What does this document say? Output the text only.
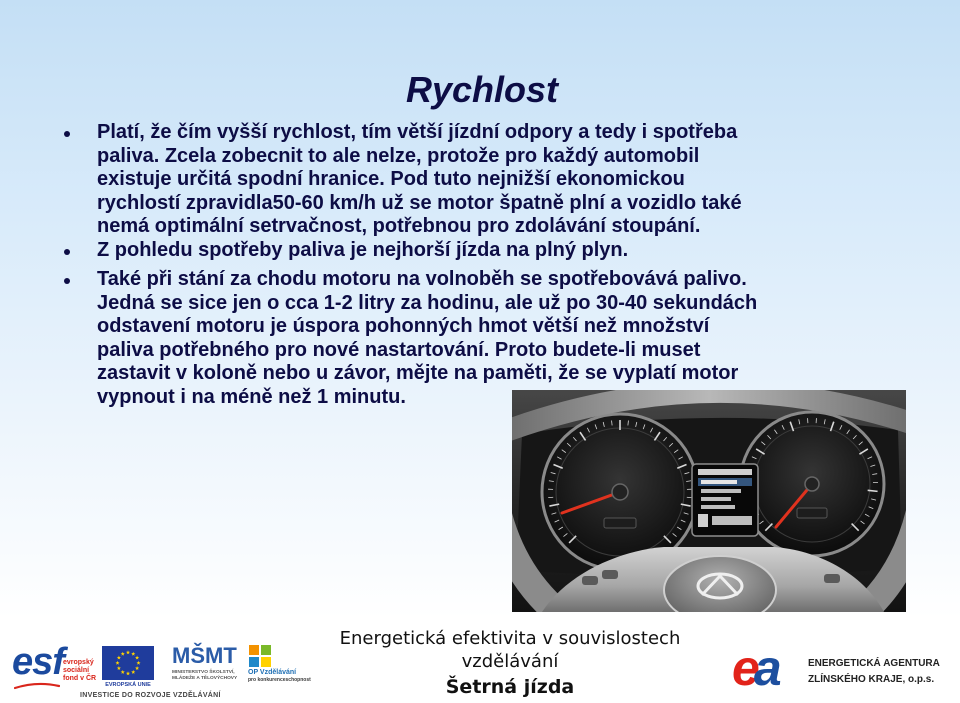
Rychlost
Platí, že čím vyšší rychlost, tím větší jízdní odpory a tedy i spotřeba
paliva. Zcela zobecnit to ale nelze, protože pro každý automobil
existuje určitá spodní hranice. Pod tuto nejnižší ekonomickou
rychlostí zpravidla50-60 km/h už se motor špatně plní a vozidlo také
nemá optimální setrvačnost, potřebnou pro zdolávání stoupání.
Z pohledu spotřeby paliva je nejhorší jízda na plný plyn.
Také při stání za chodu motoru na volnoběh se spotřebovává palivo.
Jedná se sice jen o cca 1-2 litry za hodinu, ale už po 30-40 sekundách
odstavení motoru je úspora pohonných hmot větší než množství
paliva potřebného pro nové nastartování. Proto budete-li muset
zastavit v koloně nebo u závor, mějte na paměti, že se vyplatí motor
vypnout i na méně než 1 minutu.
esf evropský
sociální
fond v ČR
EVROPSKÁ UNIE
MŠMT
MINISTERSTVO ŠKOLSTVÍ,
MLÁDEŽE A TĚLOVÝCHOVY
OP Vzdělávání
pro konkurenceschopnost
INVESTICE DO ROZVOJE VZDĚLÁVÁNÍ
Energetická efektivita v souvislostech
vzdělávání
Šetrná jízda	ea	ENERGETICKÁ AGENTURA
ZLÍNSKÉHO KRAJE, o.p.s.
